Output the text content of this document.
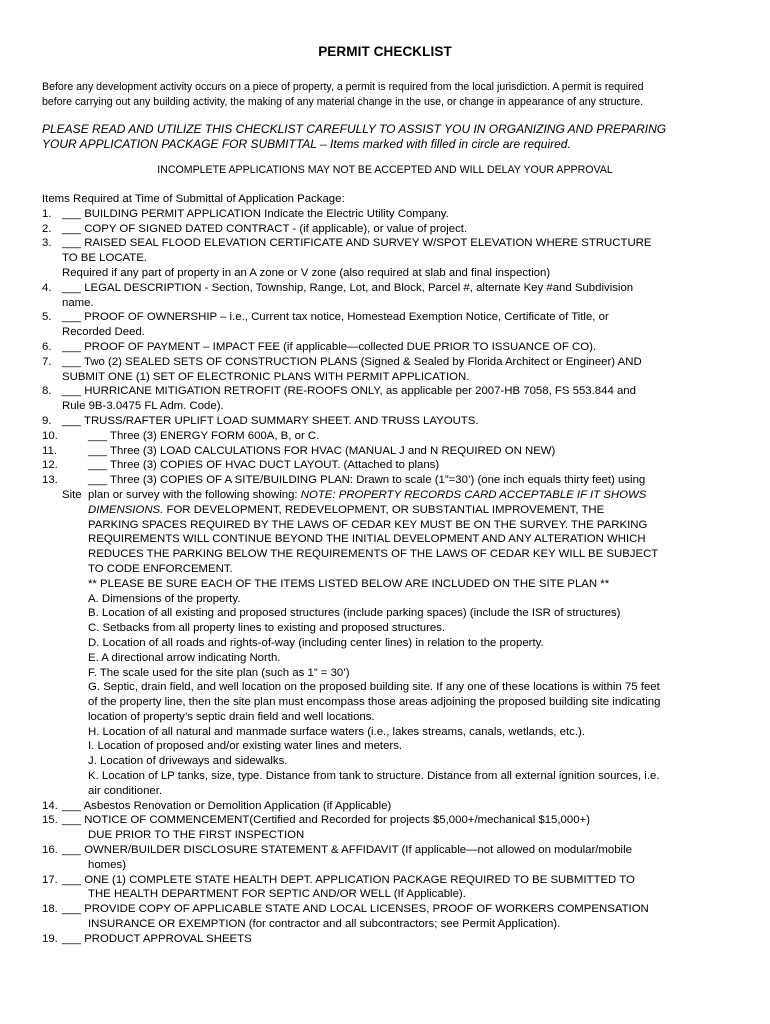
PERMIT CHECKLIST
Before any development activity occurs on a piece of property, a permit is required from the local jurisdiction. A permit is required
before carrying out any building activity, the making of any material change in the use, or change in appearance of any structure.
PLEASE READ AND UTILIZE THIS CHECKLIST CAREFULLY TO ASSIST YOU IN ORGANIZING AND PREPARING
YOUR APPLICATION PACKAGE FOR SUBMITTAL – Items marked with filled in circle are required.
INCOMPLETE APPLICATIONS MAY NOT BE ACCEPTED AND WILL DELAY YOUR APPROVAL
Items Required at Time of Submittal of Application Package:
1. ___ BUILDING PERMIT APPLICATION Indicate the Electric Utility Company.
2. ___ COPY OF SIGNED DATED CONTRACT - (if applicable), or value of project.
3. ___ RAISED SEAL FLOOD ELEVATION CERTIFICATE AND SURVEY W/SPOT ELEVATION WHERE STRUCTURE
TO BE LOCATE.
Required if any part of property in an A zone or V zone (also required at slab and final inspection)
4. ___ LEGAL DESCRIPTION - Section, Township, Range, Lot, and Block, Parcel #, alternate Key #and Subdivision
name.
5. ___ PROOF OF OWNERSHIP – i.e., Current tax notice, Homestead Exemption Notice, Certificate of Title, or
Recorded Deed.
6. ___ PROOF OF PAYMENT – IMPACT FEE (if applicable—collected DUE PRIOR TO ISSUANCE OF CO).
7. ___ Two (2) SEALED SETS OF CONSTRUCTION PLANS (Signed & Sealed by Florida Architect or Engineer) AND
SUBMIT ONE (1) SET OF ELECTRONIC PLANS WITH PERMIT APPLICATION.
8. ___ HURRICANE MITIGATION RETROFIT (RE-ROOFS ONLY, as applicable per 2007-HB 7058, FS 553.844 and
Rule 9B-3.0475 FL Adm. Code).
9. ___ TRUSS/RAFTER UPLIFT LOAD SUMMARY SHEET. AND TRUSS LAYOUTS.
10.	___ Three (3) ENERGY FORM 600A, B, or C.
11.	___ Three (3) LOAD CALCULATIONS FOR HVAC (MANUAL J and N REQUIRED ON NEW)
12.	___ Three (3) COPIES OF HVAC DUCT LAYOUT. (Attached to plans)
13.	___ Three (3) COPIES OF A SITE/BUILDING PLAN: Drawn to scale (1”=30’) (one inch equals thirty feet) using
Site plan or survey with the following showing: NOTE: PROPERTY RECORDS CARD ACCEPTABLE IF IT SHOWS
DIMENSIONS. FOR DEVELOPMENT, REDEVELOPMENT, OR SUBSTANTIAL IMPROVEMENT, THE
PARKING SPACES REQUIRED BY THE LAWS OF CEDAR KEY MUST BE ON THE SURVEY. THE PARKING
REQUIREMENTS WILL CONTINUE BEYOND THE INITIAL DEVELOPMENT AND ANY ALTERATION WHICH
REDUCES THE PARKING BELOW THE REQUIREMENTS OF THE LAWS OF CEDAR KEY WILL BE SUBJECT
TO CODE ENFORCEMENT.
** PLEASE BE SURE EACH OF THE ITEMS LISTED BELOW ARE INCLUDED ON THE SITE PLAN **
A. Dimensions of the property.
B. Location of all existing and proposed structures (include parking spaces) (include the ISR of structures)
C. Setbacks from all property lines to existing and proposed structures.
D. Location of all roads and rights-of-way (including center lines) in relation to the property.
E. A directional arrow indicating North.
F. The scale used for the site plan (such as 1” = 30’)
G. Septic, drain field, and well location on the proposed building site. If any one of these locations is within 75 feet
of the property line, then the site plan must encompass those areas adjoining the proposed building site indicating
location of property’s septic drain field and well locations.
H. Location of all natural and manmade surface waters (i.e., lakes streams, canals, wetlands, etc.).
I. Location of proposed and/or existing water lines and meters.
J. Location of driveways and sidewalks.
K. Location of LP tanks, size, type. Distance from tank to structure. Distance from all external ignition sources, i.e.
air conditioner.
14. ___ Asbestos Renovation or Demolition Application (if Applicable)
15. ___ NOTICE OF COMMENCEMENT(Certified and Recorded for projects $5,000+/mechanical $15,000+)
DUE PRIOR TO THE FIRST INSPECTION
16. ___ OWNER/BUILDER DISCLOSURE STATEMENT & AFFIDAVIT (If applicable—not allowed on modular/mobile
homes)
17. ___ ONE (1) COMPLETE STATE HEALTH DEPT. APPLICATION PACKAGE REQUIRED TO BE SUBMITTED TO
THE HEALTH DEPARTMENT FOR SEPTIC AND/OR WELL (If Applicable).
18. ___ PROVIDE COPY OF APPLICABLE STATE AND LOCAL LICENSES, PROOF OF WORKERS COMPENSATION
INSURANCE OR EXEMPTION (for contractor and all subcontractors; see Permit Application).
19. ___ PRODUCT APPROVAL SHEETS
